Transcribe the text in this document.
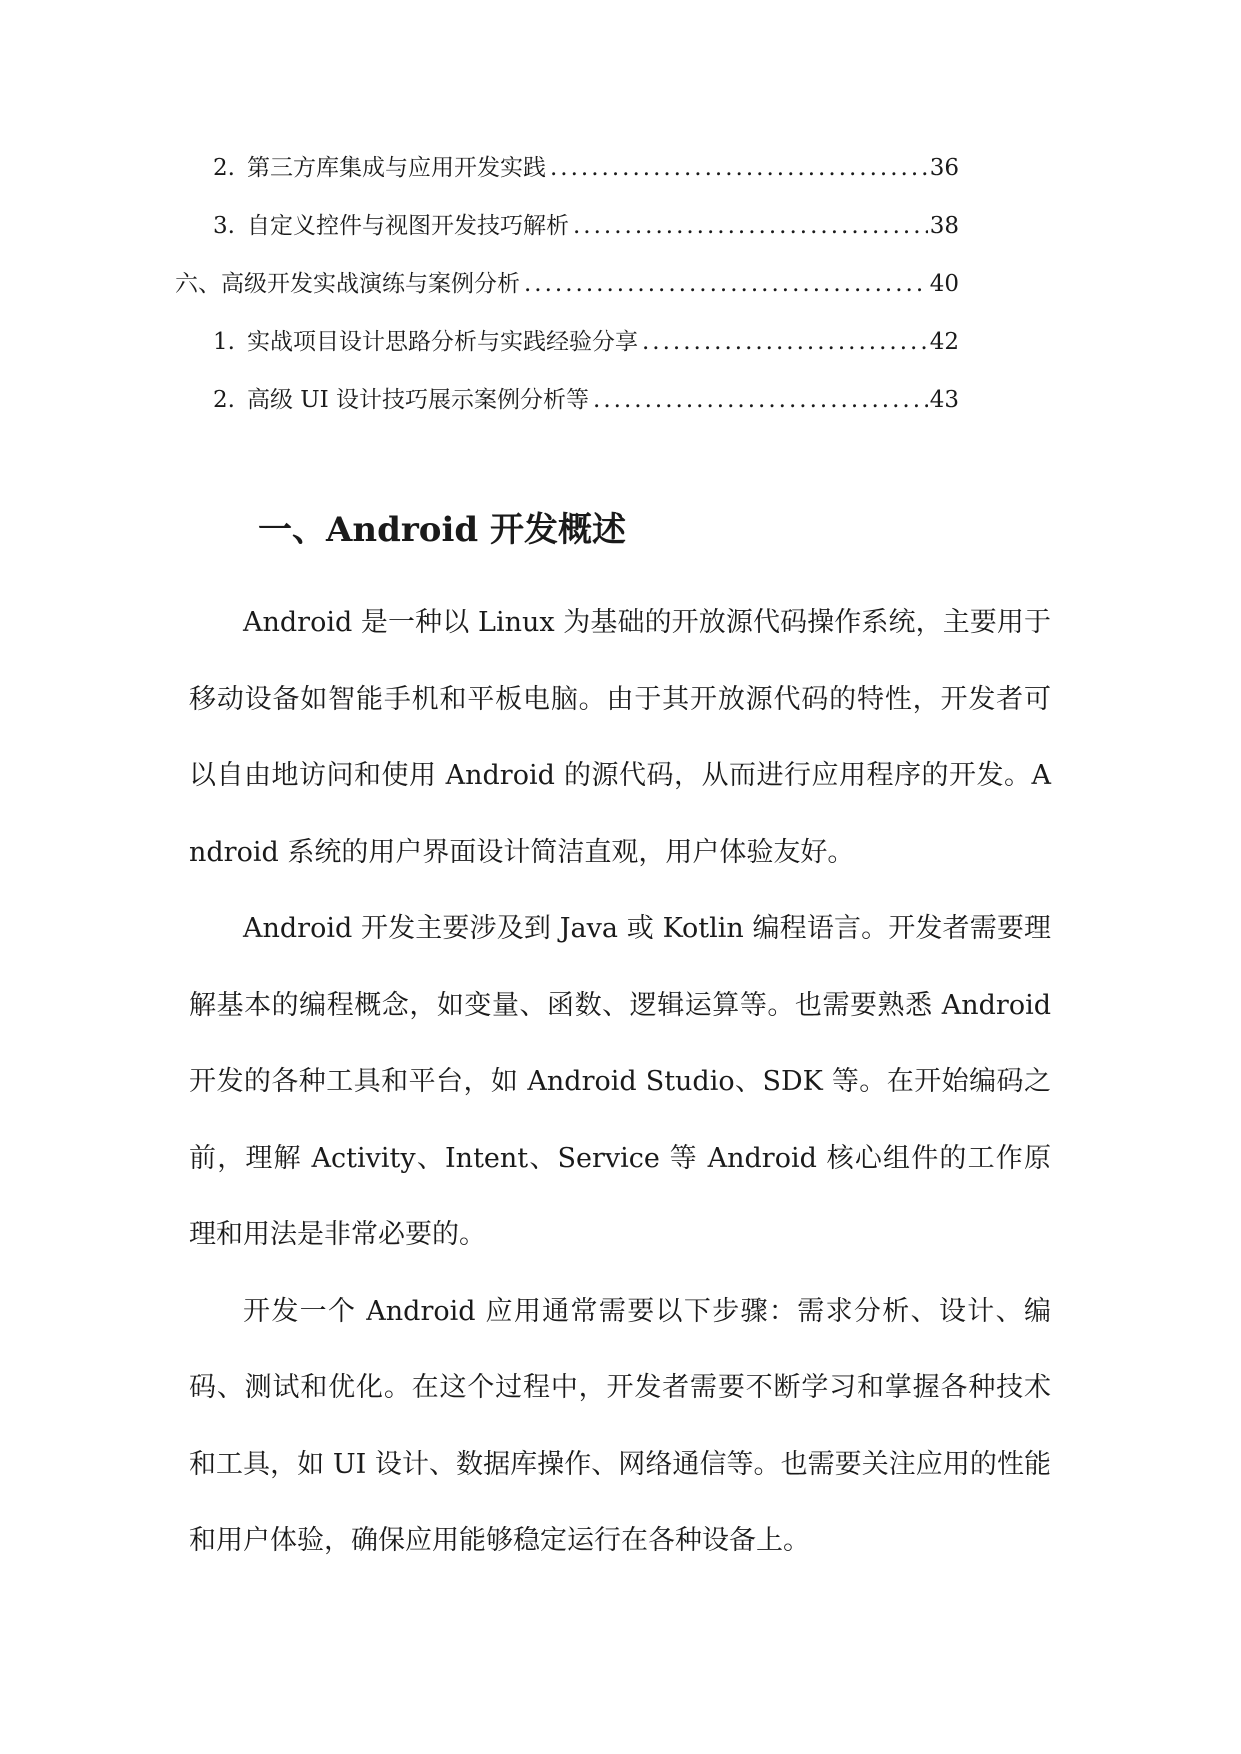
2. 第三方库集成与应用开发实践 .....	36
3. 自定义控件与视图开发技巧解析 .....	38
六、高级开发实战演练与案例分析 .....	40
1. 实战项目设计思路分析与实践经验分享 .....	42
2. 高级 UI 设计技巧展示案例分析等 .....	43
一、Android 开发概述

Android 是一种以 Linux 为基础的开放源代码操作系统，主要用于移动设备如智能手机和平板电脑。由于其开放源代码的特性，开发者可以自由地访问和使用 Android 的源代码，从而进行应用程序的开发。Android 系统的用户界面设计简洁直观，用户体验友好。

Android 开发主要涉及到 Java 或 Kotlin 编程语言。开发者需要理解基本的编程概念，如变量、函数、逻辑运算等。也需要熟悉 Android 开发的各种工具和平台，如 Android Studio、SDK 等。在开始编码之前，理解 Activity、Intent、Service 等 Android 核心组件的工作原理和用法是非常必要的。

开发一个 Android 应用通常需要以下步骤：需求分析、设计、编码、测试和优化。在这个过程中，开发者需要不断学习和掌握各种技术和工具，如 UI 设计、数据库操作、网络通信等。也需要关注应用的性能和用户体验，确保应用能够稳定运行在各种设备上。
